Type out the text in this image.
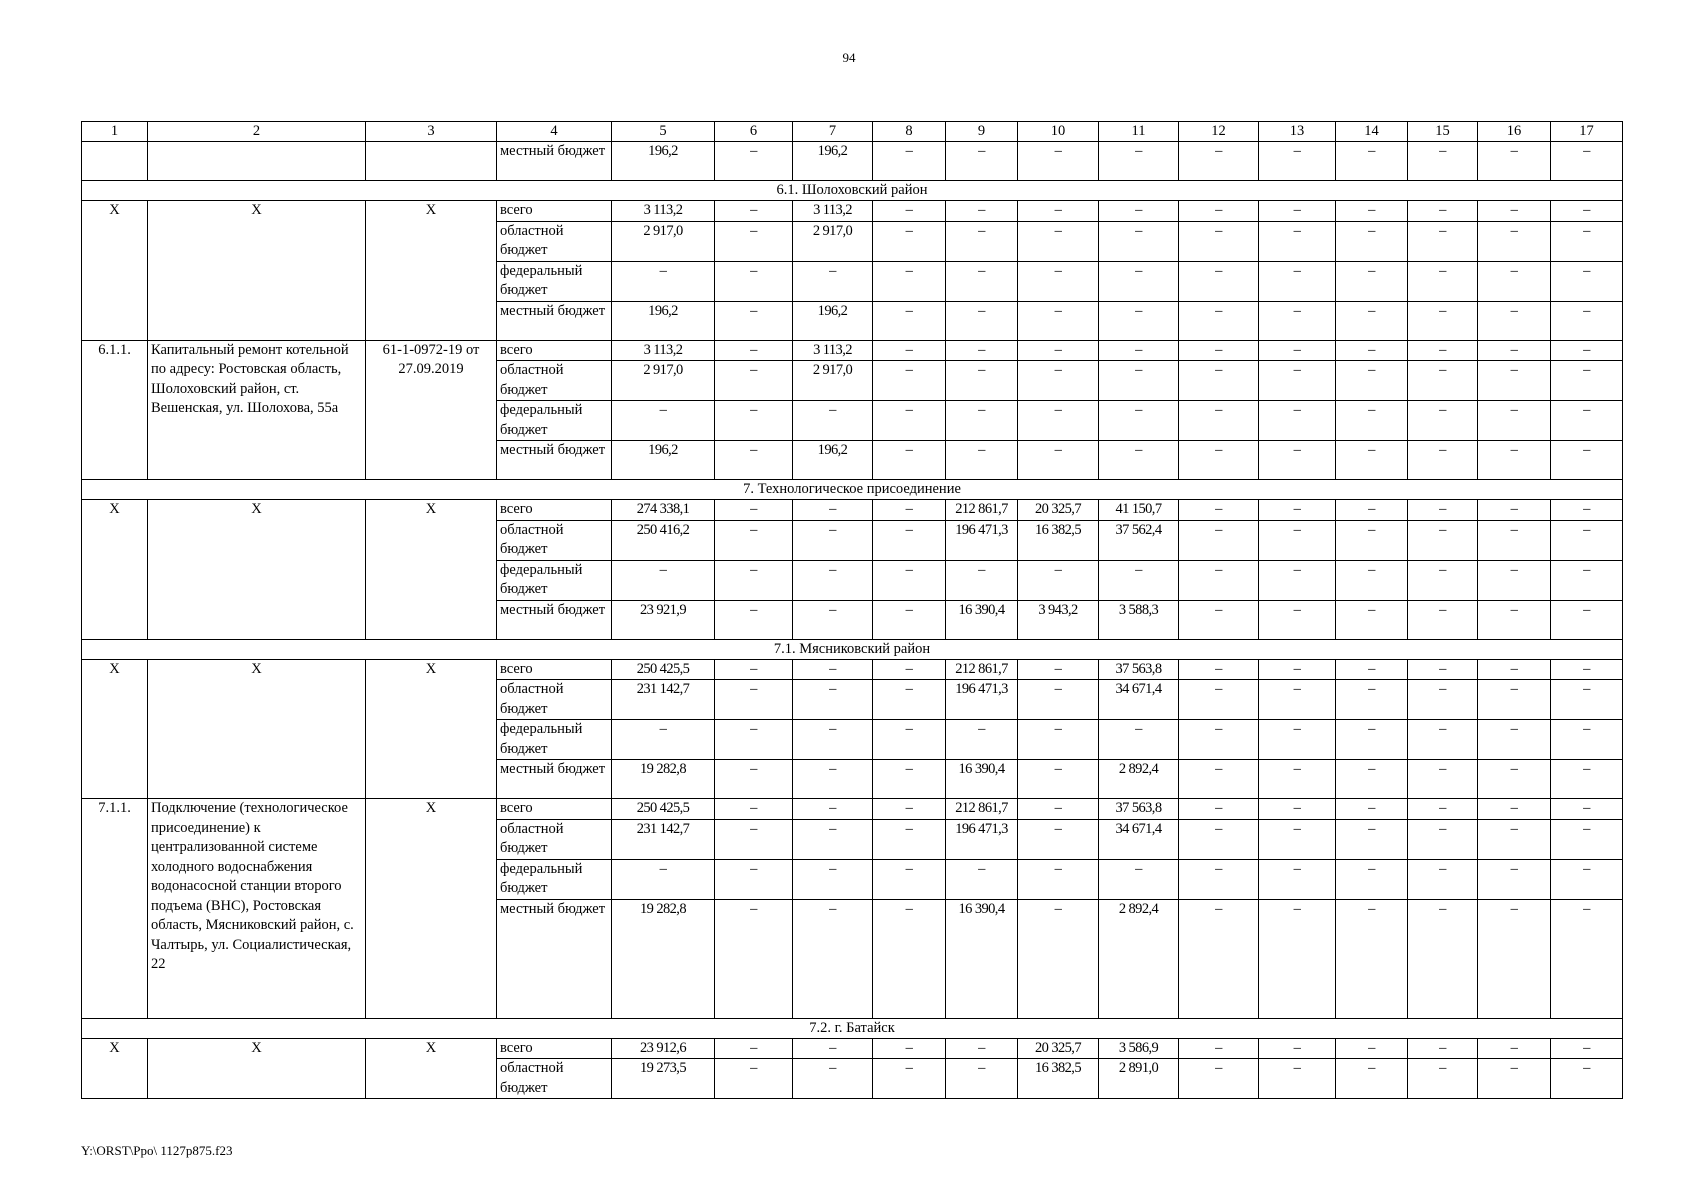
94
1	2	3	4	5	6	7	8	9	10	11	12	13	14	15	16	17
			местный бюджет	196,2	–	196,2	–	–	–	–	–	–	–	–	–	–
6.1. Шолоховский район																
Х	Х	Х	всего	3 113,2	–	3 113,2	–	–	–	–	–	–	–	–	–	–
			областной бюджет	2 917,0	–	2 917,0	–	–	–	–	–	–	–	–	–	–
			федеральный бюджет	–	–	–	–	–	–	–	–	–	–	–	–	–
			местный бюджет	196,2	–	196,2	–	–	–	–	–	–	–	–	–	–
6.1.1.	Капитальный ремонт котельной по адресу: Ростовская область, Шолоховский район, ст. Вешенская, ул. Шолохова, 55а	61-1-0972-19 от 27.09.2019	всего	3 113,2	–	3 113,2	–	–	–	–	–	–	–	–	–	–
			областной бюджет	2 917,0	–	2 917,0	–	–	–	–	–	–	–	–	–	–
			федеральный бюджет	–	–	–	–	–	–	–	–	–	–	–	–	–
			местный бюджет	196,2	–	196,2	–	–	–	–	–	–	–	–	–	–
7. Технологическое присоединение																
Х	Х	Х	всего	274 338,1	–	–	–	212 861,7	20 325,7	41 150,7	–	–	–	–	–	–
			областной бюджет	250 416,2	–	–	–	196 471,3	16 382,5	37 562,4	–	–	–	–	–	–
			федеральный бюджет	–	–	–	–	–	–	–	–	–	–	–	–	–
			местный бюджет	23 921,9	–	–	–	16 390,4	3 943,2	3 588,3	–	–	–	–	–	–
7.1. Мясниковский район																
Х	Х	Х	всего	250 425,5	–	–	–	212 861,7	–	37 563,8	–	–	–	–	–	–
			областной бюджет	231 142,7	–	–	–	196 471,3	–	34 671,4	–	–	–	–	–	–
			федеральный бюджет	–	–	–	–	–	–	–	–	–	–	–	–	–
			местный бюджет	19 282,8	–	–	–	16 390,4	–	2 892,4	–	–	–	–	–	–
7.1.1.	Подключение (технологическое присоединение) к централизованной системе холодного водоснабжения водонасосной станции второго подъема (ВНС), Ростовская область, Мясниковский район, с. Чалтырь, ул. Социалистическая, 22	Х	всего	250 425,5	–	–	–	212 861,7	–	37 563,8	–	–	–	–	–	–
			областной бюджет	231 142,7	–	–	–	196 471,3	–	34 671,4	–	–	–	–	–	–
			федеральный бюджет	–	–	–	–	–	–	–	–	–	–	–	–	–
			местный бюджет	19 282,8	–	–	–	16 390,4	–	2 892,4	–	–	–	–	–	–
7.2. г. Батайск																
Х	Х	Х	всего	23 912,6	–	–	–	–	20 325,7	3 586,9	–	–	–	–	–	–
			областной бюджет	19 273,5	–	–	–	–	16 382,5	2 891,0	–	–	–	–	–	–
Y:\ORST\Ppo\ 1127p875.f23
